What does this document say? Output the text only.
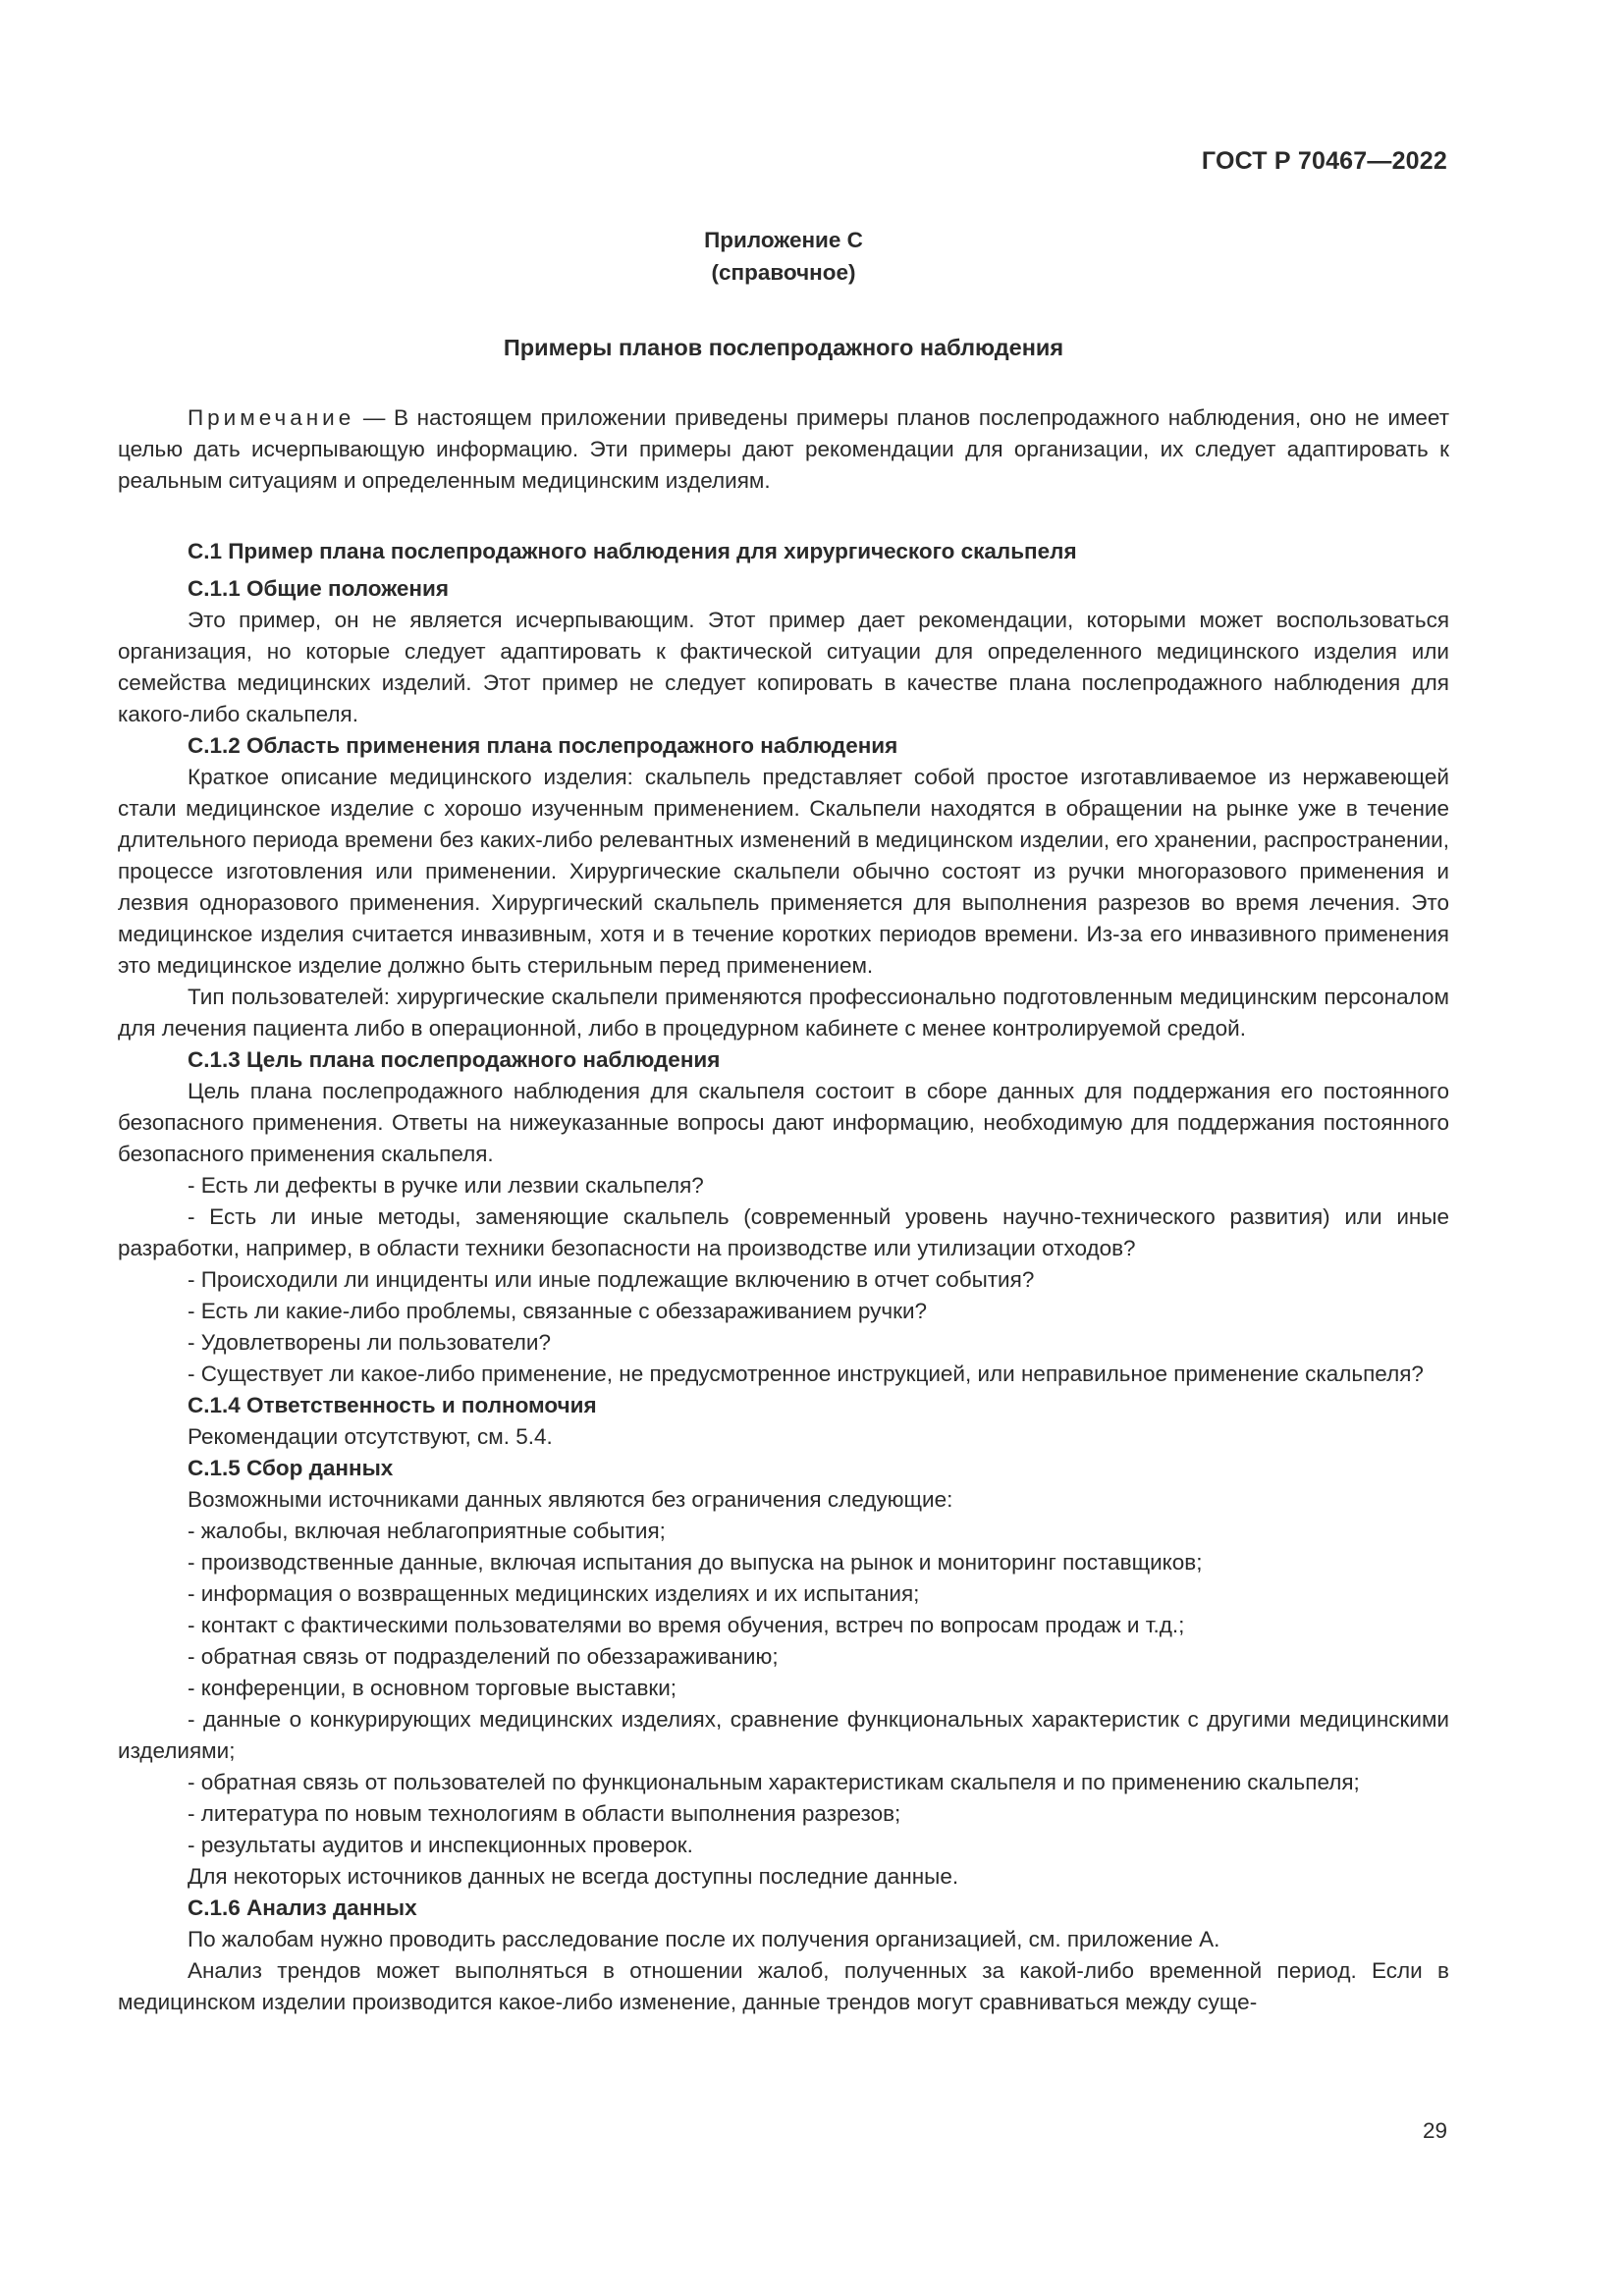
ГОСТ Р 70467—2022
Приложение С
(справочное)
Примеры планов послепродажного наблюдения

Примечание — В настоящем приложении приведены примеры планов послепродажного наблюдения, оно не имеет целью дать исчерпывающую информацию. Эти примеры дают рекомендации для организации, их следует адаптировать к реальным ситуациям и определенным медицинским изделиям.

С.1 Пример плана послепродажного наблюдения для хирургического скальпеля

С.1.1 Общие положения

Это пример, он не является исчерпывающим. Этот пример дает рекомендации, которыми может воспользоваться организация, но которые следует адаптировать к фактической ситуации для определенного медицинского изделия или семейства медицинских изделий. Этот пример не следует копировать в качестве плана послепродажного наблюдения для какого-либо скальпеля.

С.1.2 Область применения плана послепродажного наблюдения

Краткое описание медицинского изделия: скальпель представляет собой простое изготавливаемое из нержавеющей стали медицинское изделие с хорошо изученным применением. Скальпели находятся в обращении на рынке уже в течение длительного периода времени без каких-либо релевантных изменений в медицинском изделии, его хранении, распространении, процессе изготовления или применении. Хирургические скальпели обычно состоят из ручки многоразового применения и лезвия одноразового применения. Хирургический скальпель применяется для выполнения разрезов во время лечения. Это медицинское изделия считается инвазивным, хотя и в течение коротких периодов времени. Из-за его инвазивного применения это медицинское изделие должно быть стерильным перед применением.

Тип пользователей: хирургические скальпели применяются профессионально подготовленным медицинским персоналом для лечения пациента либо в операционной, либо в процедурном кабинете с менее контролируемой средой.

С.1.3 Цель плана послепродажного наблюдения

Цель плана послепродажного наблюдения для скальпеля состоит в сборе данных для поддержания его постоянного безопасного применения. Ответы на нижеуказанные вопросы дают информацию, необходимую для поддержания постоянного безопасного применения скальпеля.

- Есть ли дефекты в ручке или лезвии скальпеля?

- Есть ли иные методы, заменяющие скальпель (современный уровень научно-технического развития) или иные разработки, например, в области техники безопасности на производстве или утилизации отходов?

- Происходили ли инциденты или иные подлежащие включению в отчет события?

- Есть ли какие-либо проблемы, связанные с обеззараживанием ручки?

- Удовлетворены ли пользователи?

- Существует ли какое-либо применение, не предусмотренное инструкцией, или неправильное применение скальпеля?

С.1.4 Ответственность и полномочия

Рекомендации отсутствуют, см. 5.4.

С.1.5 Сбор данных

Возможными источниками данных являются без ограничения следующие:

- жалобы, включая неблагоприятные события;

- производственные данные, включая испытания до выпуска на рынок и мониторинг поставщиков;

- информация о возвращенных медицинских изделиях и их испытания;

- контакт с фактическими пользователями во время обучения, встреч по вопросам продаж и т.д.;

- обратная связь от подразделений по обеззараживанию;

- конференции, в основном торговые выставки;

- данные о конкурирующих медицинских изделиях, сравнение функциональных характеристик с другими медицинскими изделиями;

- обратная связь от пользователей по функциональным характеристикам скальпеля и по применению скальпеля;

- литература по новым технологиям в области выполнения разрезов;

- результаты аудитов и инспекционных проверок.

Для некоторых источников данных не всегда доступны последние данные.

С.1.6 Анализ данных

По жалобам нужно проводить расследование после их получения организацией, см. приложение А.

Анализ трендов может выполняться в отношении жалоб, полученных за какой-либо временной период. Если в медицинском изделии производится какое-либо изменение, данные трендов могут сравниваться между суще-

29
